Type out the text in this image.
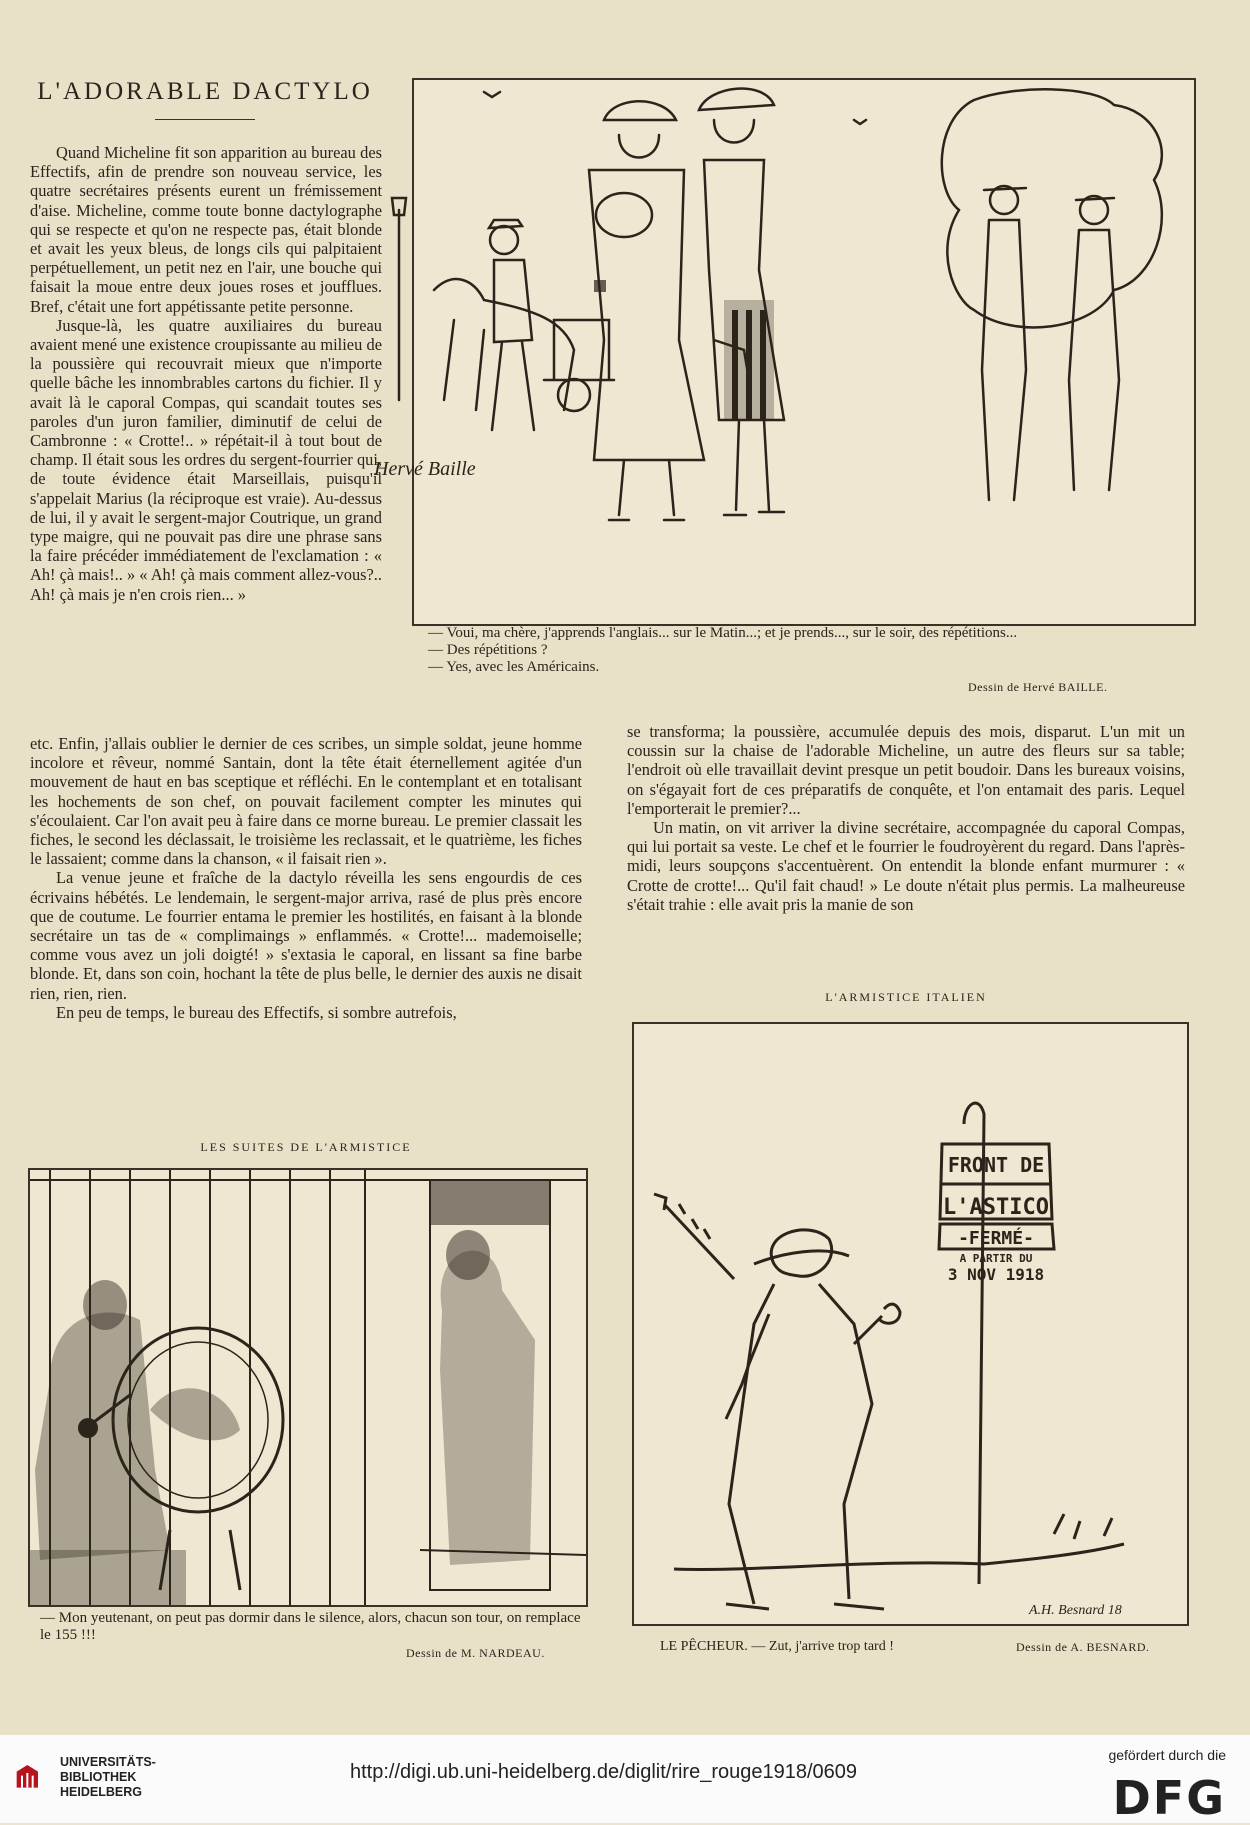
L'ADORABLE DACTYLO

Quand Micheline fit son apparition au bureau des Effectifs, afin de prendre son nouveau service, les quatre secrétaires présents eurent un frémissement d'aise. Micheline, comme toute bonne dactylographe qui se respecte et qu'on ne respecte pas, était blonde et avait les yeux bleus, de longs cils qui palpitaient perpétuellement, un petit nez en l'air, une bouche qui faisait la moue entre deux joues roses et joufflues. Bref, c'était une fort appétissante petite personne.

Jusque-là, les quatre auxiliaires du bureau avaient mené une existence croupissante au milieu de la poussière qui recouvrait mieux que n'importe quelle bâche les innombrables cartons du fichier. Il y avait là le caporal Compas, qui scandait toutes ses paroles d'un juron familier, diminutif de celui de Cambronne : « Crotte!.. » répétait-il à tout bout de champ. Il était sous les ordres du sergent-fourrier qui, de toute évidence était Marseillais, puisqu'il s'appelait Marius (la réciproque est vraie). Au-dessus de lui, il y avait le sergent-major Coutrique, un grand type maigre, qui ne pouvait pas dire une phrase sans la faire précéder immédiatement de l'exclamation : « Ah! çà mais!.. » « Ah! çà mais comment allez-vous?.. Ah! çà mais je n'en crois rien... »

Hervé Baille
— Voui, ma chère, j'apprends l'anglais... sur le Matin...; et je prends..., sur le soir, des répétitions...
— Des répétitions ?
— Yes, avec les Américains.
Dessin de Hervé BAILLE.

etc. Enfin, j'allais oublier le dernier de ces scribes, un simple soldat, jeune homme incolore et rêveur, nommé Santain, dont la tête était éternellement agitée d'un mouvement de haut en bas sceptique et réfléchi. En le contemplant et en totalisant les hochements de son chef, on pouvait facilement compter les minutes qui s'écoulaient. Car l'on avait peu à faire dans ce morne bureau. Le premier classait les fiches, le second les déclassait, le troisième les reclassait, et le quatrième, les fiches le lassaient; comme dans la chanson, « il faisait rien ».

La venue jeune et fraîche de la dactylo réveilla les sens engourdis de ces écrivains hébétés. Le lendemain, le sergent-major arriva, rasé de plus près encore que de coutume. Le fourrier entama le premier les hostilités, en faisant à la blonde secrétaire un tas de « complimaings » enflammés. « Crotte!... mademoiselle; comme vous avez un joli doigté! » s'extasia le caporal, en lissant sa fine barbe blonde. Et, dans son coin, hochant la tête de plus belle, le dernier des auxis ne disait rien, rien, rien.

En peu de temps, le bureau des Effectifs, si sombre autrefois,

se transforma; la poussière, accumulée depuis des mois, disparut. L'un mit un coussin sur la chaise de l'adorable Micheline, un autre des fleurs sur sa table; l'endroit où elle travaillait devint presque un petit boudoir. Dans les bureaux voisins, on s'égayait fort de ces préparatifs de conquête, et l'on entamait des paris. Lequel l'emporterait le premier?...

Un matin, on vit arriver la divine secrétaire, accompagnée du caporal Compas, qui lui portait sa veste. Le chef et le fourrier le foudroyèrent du regard. Dans l'après-midi, leurs soupçons s'accentuèrent. On entendit la blonde enfant murmurer : « Crotte de crotte!... Qu'il fait chaud! » Le doute n'était plus permis. La malheureuse s'était trahie : elle avait pris la manie de son

LES SUITES DE L'ARMISTICE
— Mon yeutenant, on peut pas dormir dans le silence, alors, chacun son tour, on remplace le 155 !!!
Dessin de M. NARDEAU.
L'ARMISTICE ITALIEN
FRONT DE
L'ASTICO
-FERMÉ-
A PARTIR DU
3 NOV 1918
A.H. Besnard 18
LE PÊCHEUR. — Zut, j'arrive trop tard !	Dessin de A. BESNARD.
UNIVERSITÄTS-
BIBLIOTHEK
HEIDELBERG
http://digi.ub.uni-heidelberg.de/diglit/rire_rouge1918/0609
gefördert durch die
DFG
